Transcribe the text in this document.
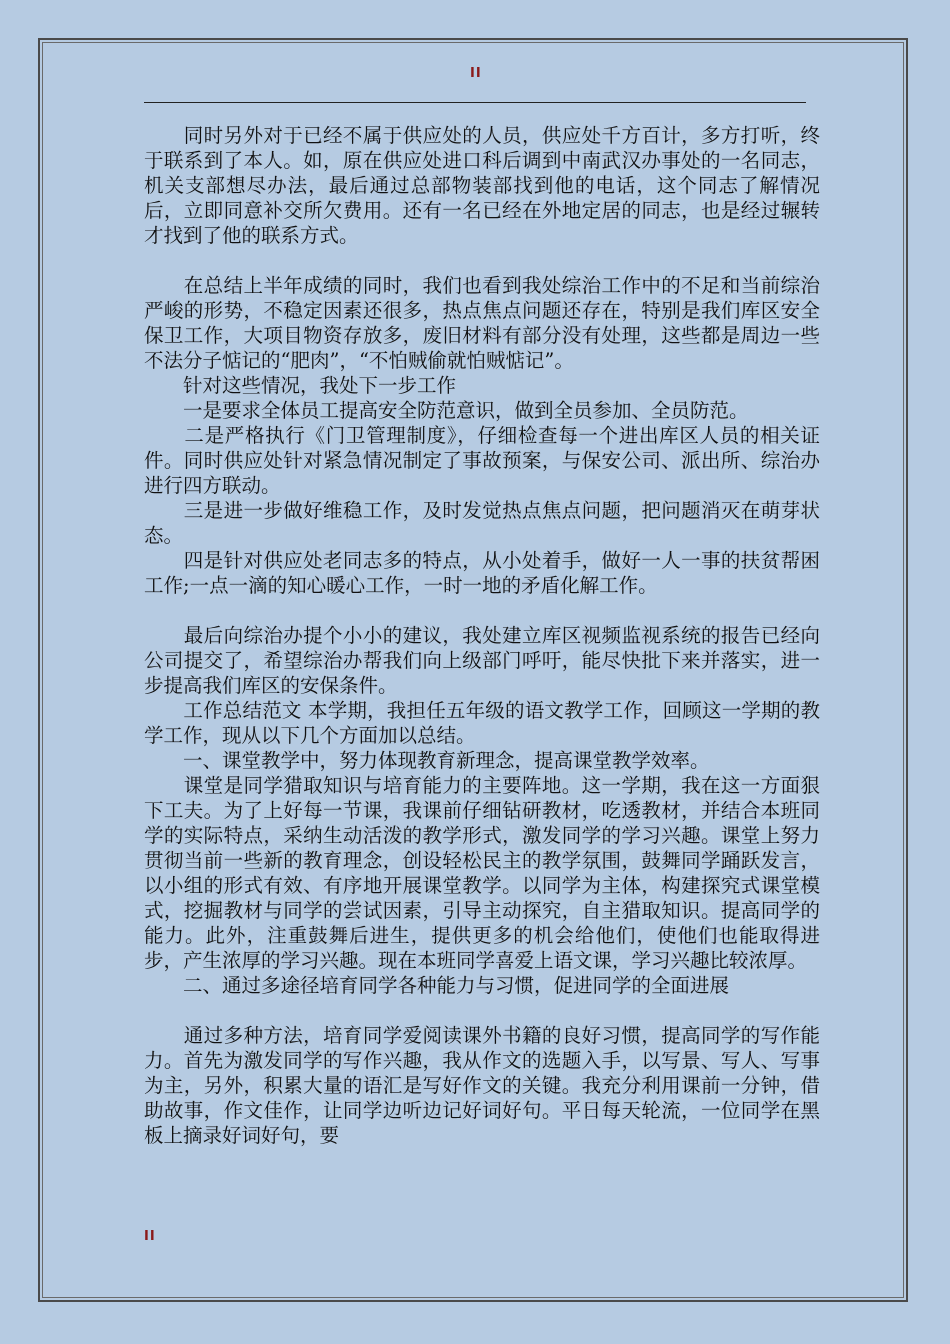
II

　　同时另外对于已经不属于供应处的人员，供应处千方百计，多方打听，终于联系到了本人。如，原在供应处进口科后调到中南武汉办事处的一名同志，机关支部想尽办法，最后通过总部物装部找到他的电话，这个同志了解情况后，立即同意补交所欠费用。还有一名已经在外地定居的同志，也是经过辗转才找到了他的联系方式。

　　在总结上半年成绩的同时，我们也看到我处综治工作中的不足和当前综治严峻的形势，不稳定因素还很多，热点焦点问题还存在，特别是我们库区安全保卫工作，大项目物资存放多，废旧材料有部分没有处理，这些都是周边一些不法分子惦记的“肥肉”，“不怕贼偷就怕贼惦记”。

　　针对这些情况，我处下一步工作

　　一是要求全体员工提高安全防范意识，做到全员参加、全员防范。

　　二是严格执行《门卫管理制度》，仔细检查每一个进出库区人员的相关证件。同时供应处针对紧急情况制定了事故预案，与保安公司、派出所、综治办进行四方联动。

　　三是进一步做好维稳工作，及时发觉热点焦点问题，把问题消灭在萌芽状态。

　　四是针对供应处老同志多的特点，从小处着手，做好一人一事的扶贫帮困工作;一点一滴的知心暖心工作，一时一地的矛盾化解工作。

　　最后向综治办提个小小的建议，我处建立库区视频监视系统的报告已经向公司提交了，希望综治办帮我们向上级部门呼吁，能尽快批下来并落实，进一步提高我们库区的安保条件。

　　工作总结范文 本学期，我担任五年级的语文教学工作，回顾这一学期的教学工作，现从以下几个方面加以总结。

　　一、课堂教学中，努力体现教育新理念，提高课堂教学效率。

　　课堂是同学猎取知识与培育能力的主要阵地。这一学期，我在这一方面狠下工夫。为了上好每一节课，我课前仔细钻研教材，吃透教材，并结合本班同学的实际特点，采纳生动活泼的教学形式，激发同学的学习兴趣。课堂上努力贯彻当前一些新的教育理念，创设轻松民主的教学氛围，鼓舞同学踊跃发言，以小组的形式有效、有序地开展课堂教学。以同学为主体，构建探究式课堂模式，挖掘教材与同学的尝试因素，引导主动探究，自主猎取知识。提高同学的能力。此外，注重鼓舞后进生，提供更多的机会给他们，使他们也能取得进步，产生浓厚的学习兴趣。现在本班同学喜爱上语文课，学习兴趣比较浓厚。

　　二、通过多途径培育同学各种能力与习惯，促进同学的全面进展

　　通过多种方法，培育同学爱阅读课外书籍的良好习惯，提高同学的写作能力。首先为激发同学的写作兴趣，我从作文的选题入手，以写景、写人、写事为主，另外，积累大量的语汇是写好作文的关键。我充分利用课前一分钟，借助故事，作文佳作，让同学边听边记好词好句。平日每天轮流，一位同学在黑板上摘录好词好句，要

II
